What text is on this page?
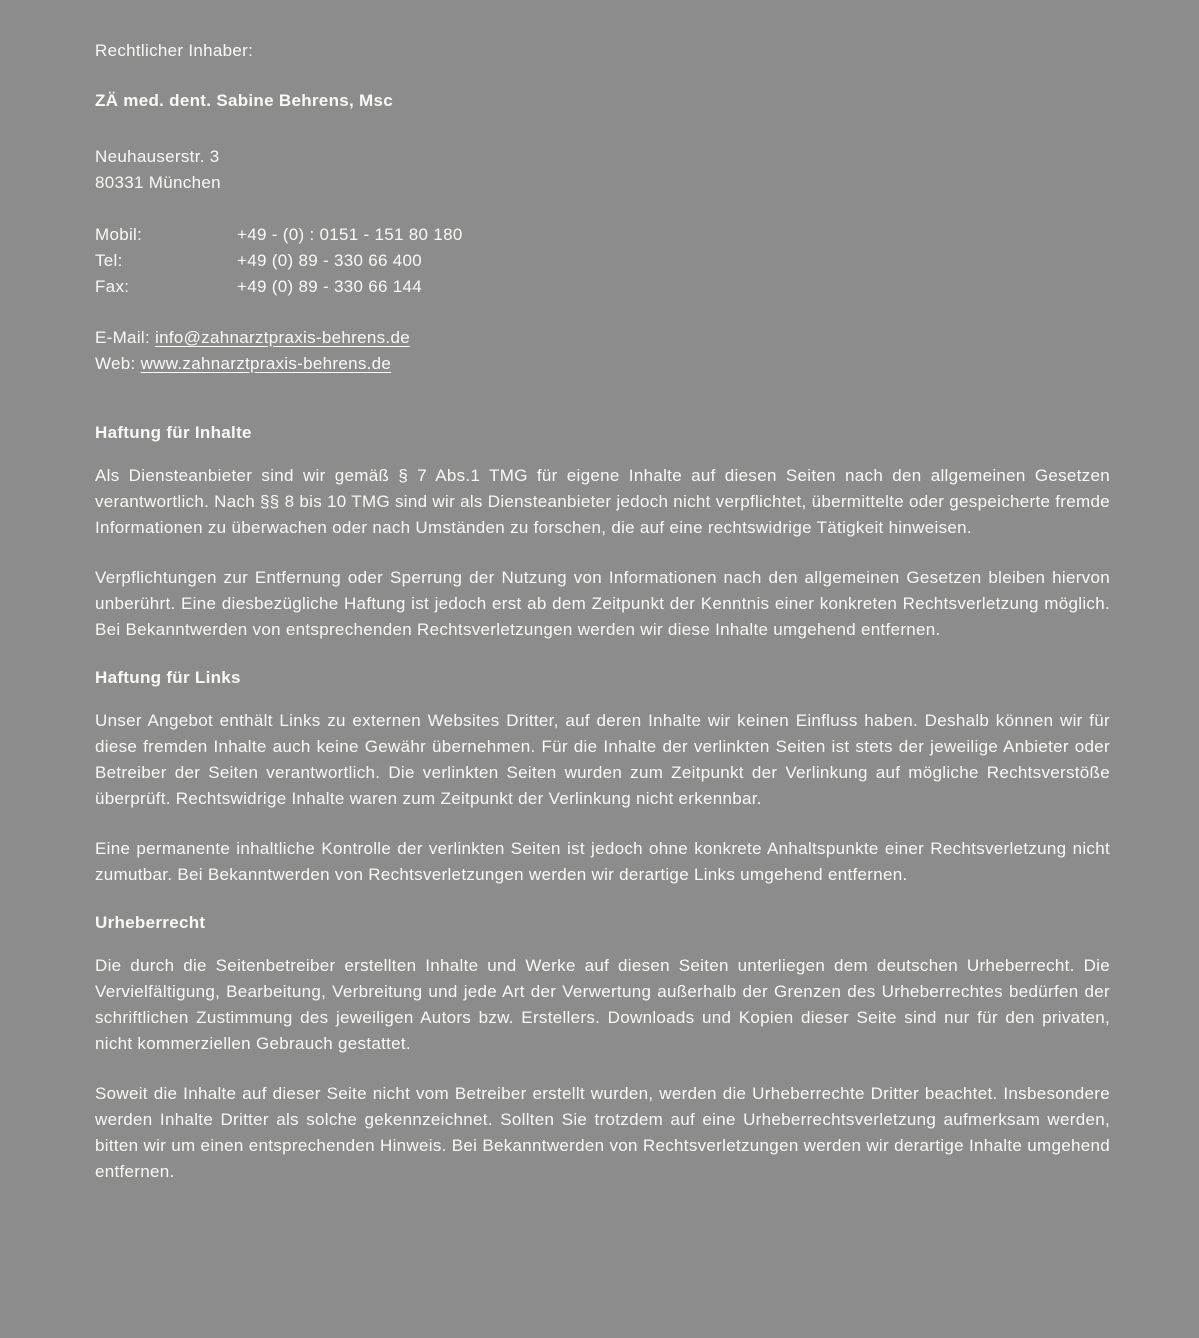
Rechtlicher Inhaber:

ZÄ med. dent. Sabine Behrens, Msc

Neuhauserstr. 3

80331 München

Mobil:	+49 - (0) : 0151 - 151 80 180
Tel:	+49 (0) 89 - 330 66 400
Fax:	+49 (0) 89 - 330 66 144

E-Mail: info@zahnarztpraxis-behrens.de

Web: www.zahnarztpraxis-behrens.de

Haftung für Inhalte

Als Diensteanbieter sind wir gemäß § 7 Abs.1 TMG für eigene Inhalte auf diesen Seiten nach den allgemeinen Gesetzen verantwortlich. Nach §§ 8 bis 10 TMG sind wir als Diensteanbieter jedoch nicht verpflichtet, übermittelte oder gespeicherte fremde Informationen zu überwachen oder nach Umständen zu forschen, die auf eine rechtswidrige Tätigkeit hinweisen.

Verpflichtungen zur Entfernung oder Sperrung der Nutzung von Informationen nach den allgemeinen Gesetzen bleiben hiervon unberührt. Eine diesbezügliche Haftung ist jedoch erst ab dem Zeitpunkt der Kenntnis einer konkreten Rechtsverletzung möglich. Bei Bekanntwerden von entsprechenden Rechtsverletzungen werden wir diese Inhalte umgehend entfernen.

Haftung für Links

Unser Angebot enthält Links zu externen Websites Dritter, auf deren Inhalte wir keinen Einfluss haben. Deshalb können wir für diese fremden Inhalte auch keine Gewähr übernehmen. Für die Inhalte der verlinkten Seiten ist stets der jeweilige Anbieter oder Betreiber der Seiten verantwortlich. Die verlinkten Seiten wurden zum Zeitpunkt der Verlinkung auf mögliche Rechtsverstöße überprüft. Rechtswidrige Inhalte waren zum Zeitpunkt der Verlinkung nicht erkennbar.

Eine permanente inhaltliche Kontrolle der verlinkten Seiten ist jedoch ohne konkrete Anhaltspunkte einer Rechtsverletzung nicht zumutbar. Bei Bekanntwerden von Rechtsverletzungen werden wir derartige Links umgehend entfernen.

Urheberrecht

Die durch die Seitenbetreiber erstellten Inhalte und Werke auf diesen Seiten unterliegen dem deutschen Urheberrecht. Die Vervielfältigung, Bearbeitung, Verbreitung und jede Art der Verwertung außerhalb der Grenzen des Urheberrechtes bedürfen der schriftlichen Zustimmung des jeweiligen Autors bzw. Erstellers. Downloads und Kopien dieser Seite sind nur für den privaten, nicht kommerziellen Gebrauch gestattet.

Soweit die Inhalte auf dieser Seite nicht vom Betreiber erstellt wurden, werden die Urheberrechte Dritter beachtet. Insbesondere werden Inhalte Dritter als solche gekennzeichnet. Sollten Sie trotzdem auf eine Urheberrechtsverletzung aufmerksam werden, bitten wir um einen entsprechenden Hinweis. Bei Bekanntwerden von Rechtsverletzungen werden wir derartige Inhalte umgehend entfernen.
